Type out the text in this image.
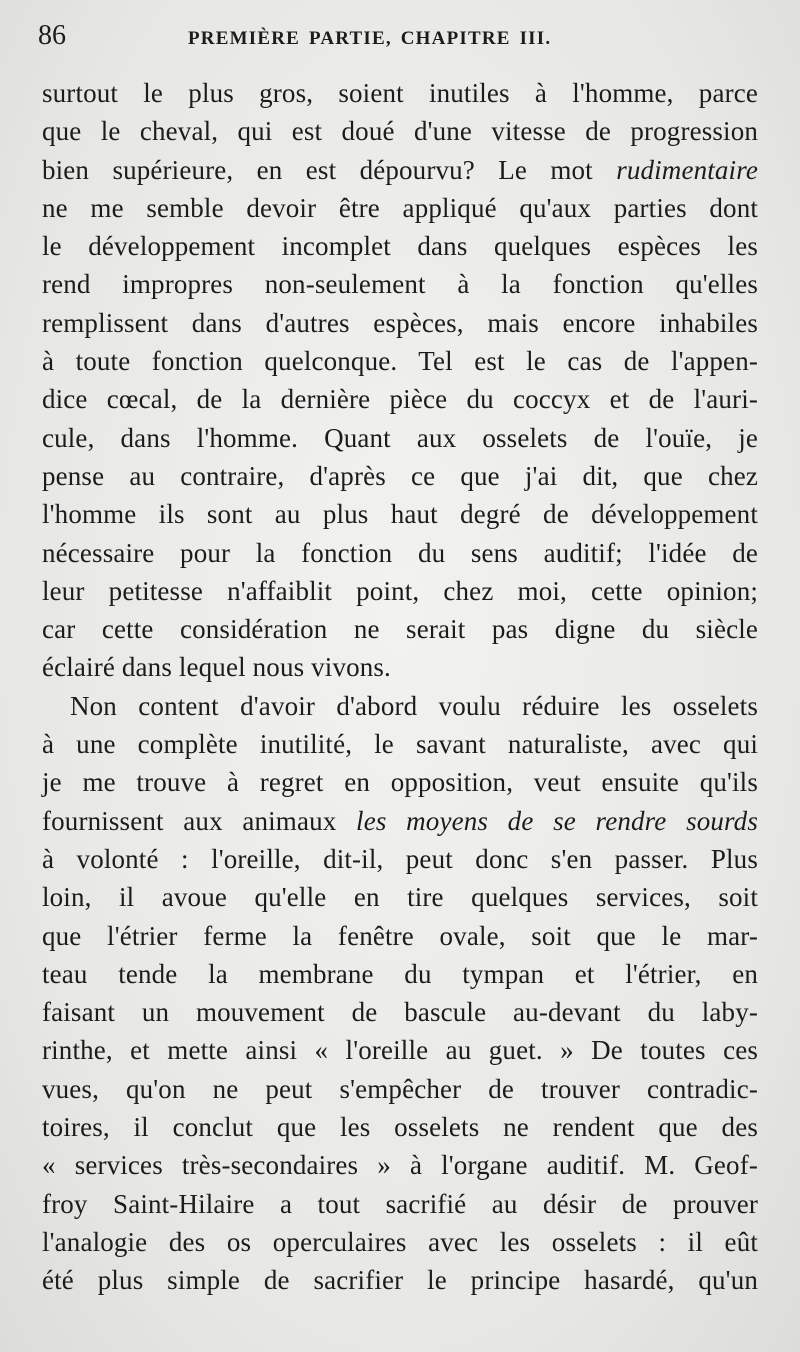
86	PREMIÈRE PARTIE, CHAPITRE III.
surtout le plus gros, soient inutiles à l'homme, parce
que le cheval, qui est doué d'une vitesse de progression
bien supérieure, en est dépourvu? Le mot rudimentaire
ne me semble devoir être appliqué qu'aux parties dont
le développement incomplet dans quelques espèces les
rend impropres non-seulement à la fonction qu'elles
remplissent dans d'autres espèces, mais encore inhabiles
à toute fonction quelconque. Tel est le cas de l'appen-
dice cœcal, de la dernière pièce du coccyx et de l'auri-
cule, dans l'homme. Quant aux osselets de l'ouïe, je
pense au contraire, d'après ce que j'ai dit, que chez
l'homme ils sont au plus haut degré de développement
nécessaire pour la fonction du sens auditif; l'idée de
leur petitesse n'affaiblit point, chez moi, cette opinion;
car cette considération ne serait pas digne du siècle
éclairé dans lequel nous vivons.
Non content d'avoir d'abord voulu réduire les osselets
à une complète inutilité, le savant naturaliste, avec qui
je me trouve à regret en opposition, veut ensuite qu'ils
fournissent aux animaux les moyens de se rendre sourds
à volonté : l'oreille, dit-il, peut donc s'en passer. Plus
loin, il avoue qu'elle en tire quelques services, soit
que l'étrier ferme la fenêtre ovale, soit que le mar-
teau tende la membrane du tympan et l'étrier, en
faisant un mouvement de bascule au-devant du laby-
rinthe, et mette ainsi « l'oreille au guet. » De toutes ces
vues, qu'on ne peut s'empêcher de trouver contradic-
toires, il conclut que les osselets ne rendent que des
« services très-secondaires » à l'organe auditif. M. Geof-
froy Saint-Hilaire a tout sacrifié au désir de prouver
l'analogie des os operculaires avec les osselets : il eût
été plus simple de sacrifier le principe hasardé, qu'un
